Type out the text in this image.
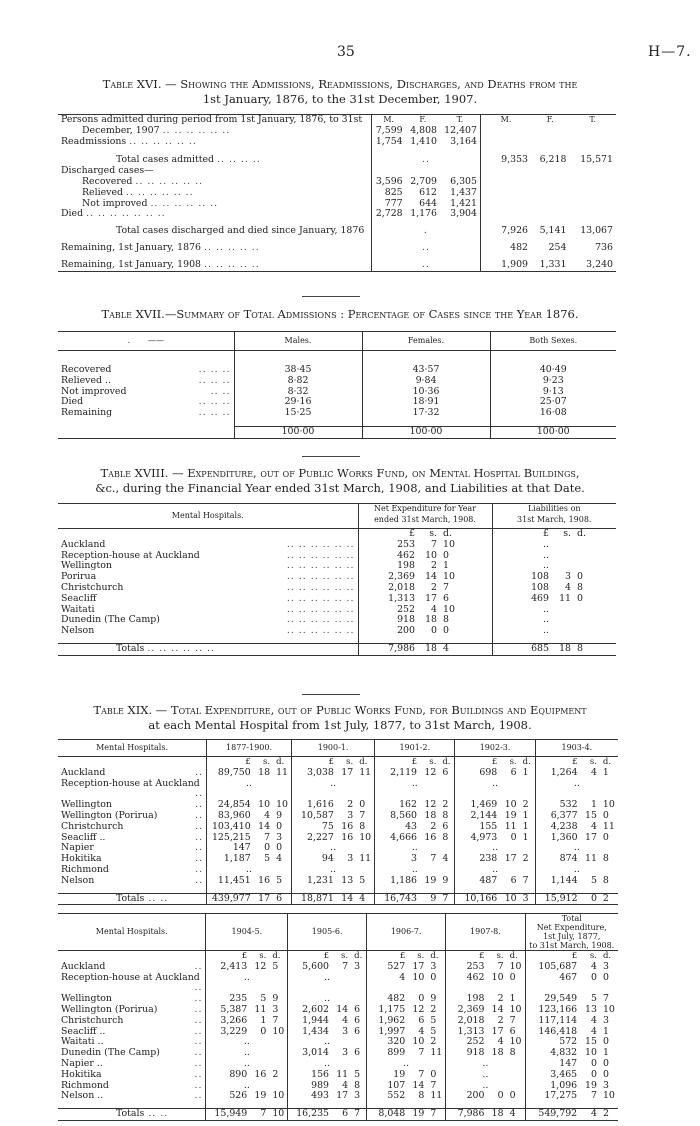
35	H—7.
Table XVI. — Showing the Admissions, Readmissions, Discharges, and Deaths from the
1st January, 1876, to the 31st December, 1907.
Persons admitted during period from 1st January, 1876, to 31st	M.	F.	T.	M.	F.	T.
December, 1907 .. .. .. .. .. ..	7,599	4,808	12,407			
Readmissions .. .. .. .. .. ..	1,754	1,410	3,164			

Total cases admitted .. .. .. ..	..			9,353	6,218	15,571
Discharged cases—						
Recovered .. .. .. .. .. ..	3,596	2,709	6,305			
Relieved .. .. .. .. .. ..	825	612	1,437			
Not improved .. .. .. .. .. ..	777	644	1,421			
Died .. .. .. .. .. .. ..	2,728	1,176	3,904			

Total cases discharged and died since January, 1876	.			7,926	5,141	13,067

Remaining, 1st January, 1876 .. .. .. .. ..	..			482	254	736

Remaining, 1st January, 1908 .. .. .. .. ..	..			1,909	1,331	3,240
Table XVII.—Summary of Total Admissions : Percentage of Cases since the Year 1876.
.       ——	Males.	Females.	Both Sexes.

Recovered .. .. ..	38·45	43·57	40·49
Relieved .. .. .. ..	8·82	9·84	9·23
Not improved .. ..	8·32	10·36	9·13
Died .. .. ..	29·16	18·91	25·07
Remaining .. .. ..	15·25	17·32	16·08

	100·00	100·00	100·00
Table XVIII. — Expenditure, out of Public Works Fund, on Mental Hospital Buildings,
&c., during the Financial Year ended 31st March, 1908, and Liabilities at that Date.
Mental Hospitals.	Net Expenditure for Year
ended 31st March, 1908.			Liabilities on
31st March, 1908.		
	£	s.	d.	£	s.	d.
Auckland .. .. .. .. .. ..	253	7	10	..		
Reception-house at Auckland .. .. .. .. .. ..	462	10	0	..		
Wellington .. .. .. .. .. ..	198	2	1	..		
Porirua .. .. .. .. .. ..	2,369	14	10	108	3	0
Christchurch .. .. .. .. .. ..	2,018	2	7	108	4	8
Seacliff .. .. .. .. .. ..	1,313	17	6	469	11	0
Waitati .. .. .. .. .. ..	252	4	10	..		
Dunedin (The Camp) .. .. .. .. .. ..	918	18	8	..		
Nelson .. .. .. .. .. ..	200	0	0	..		

Totals .. .. .. .. .. ..	7,986	18	4	685	18	8
Table XIX. — Total Expenditure, out of Public Works Fund, for Buildings and Equipment
at each Mental Hospital from 1st July, 1877, to 31st March, 1908.
Mental Hospitals.	1877-1900.			1900-1.			1901-2.			1902-3.			1903-4.		
	£	s.	d.	£	s.	d.	£	s.	d.	£	s.	d.	£	s.	d.
Auckland ..	89,750	18	11	3,038	17	11	2,119	12	6	698	6	1	1,264	4	1
Reception-house at Auckland
..	..			..			..			..			..		
Wellington ..	24,854	10	10	1,616	2	0	162	12	2	1,469	10	2	532	1	10
Wellington (Porirua) ..	83,960	4	9	10,587	3	7	8,560	18	8	2,144	19	1	6,377	15	0
Christchurch ..	103,410	14	0	75	16	8	43	2	6	155	11	1	4,238	4	11
Seacliff .. ..	125,215	7	3	2,227	16	10	4,666	16	8	4,973	0	1	1,360	17	0
Napier ..	147	0	0	..			..			..			..		
Hokitika ..	1,187	5	4	94	3	11	3	7	4	238	17	2	874	11	8
Richmond ..	..			..			..			..			..		
Nelson ..	11,451	16	5	1,231	13	5	1,186	19	9	487	6	7	1,144	5	8

Totals .. ..	439,977	17	6	18,871	14	4	16,743	9	7	10,166	10	3	15,912	0	2
Mental Hospitals.	1904-5.			1905-6.			1906-7.			1907-8.			Total
Net Expenditure,
1st July, 1877,
to 31st March, 1908.		
	£	s.	d.	£	s.	d.	£	s.	d.	£	s.	d.	£	s.	d.
Auckland ..	2,413	12	5	5,600	7	3	527	17	3	253	7	10	105,687	4	3
Reception-house at Auckland
..	..			..			4	10	0	462	10	0	467	0	0
Wellington ..	235	5	9	..			482	0	9	198	2	1	29,549	5	7
Wellington (Porirua) ..	5,387	11	3	2,602	14	6	1,175	12	2	2,369	14	10	123,166	13	10
Christchurch ..	3,266	1	7	1,944	4	6	1,962	6	5	2,018	2	7	117,114	4	3
Seacliff .. ..	3,229	0	10	1,434	3	6	1,997	4	5	1,313	17	6	146,418	4	1
Waitati .. ..	..			..			320	10	2	252	4	10	572	15	0
Dunedin (The Camp) ..	..			3,014	3	6	899	7	11	918	18	8	4,832	10	1
Napier .. ..	..			..			..			..			147	0	0
Hokitika ..	890	16	2	156	11	5	19	7	0	..			3,465	0	0
Richmond ..	..			989	4	8	107	14	7	..			1,096	19	3
Nelson .. ..	526	19	10	493	17	3	552	8	11	200	0	0	17,275	7	10

Totals .. ..	15,949	7	10	16,235	6	7	8,048	19	7	7,986	18	4	549,792	4	2
